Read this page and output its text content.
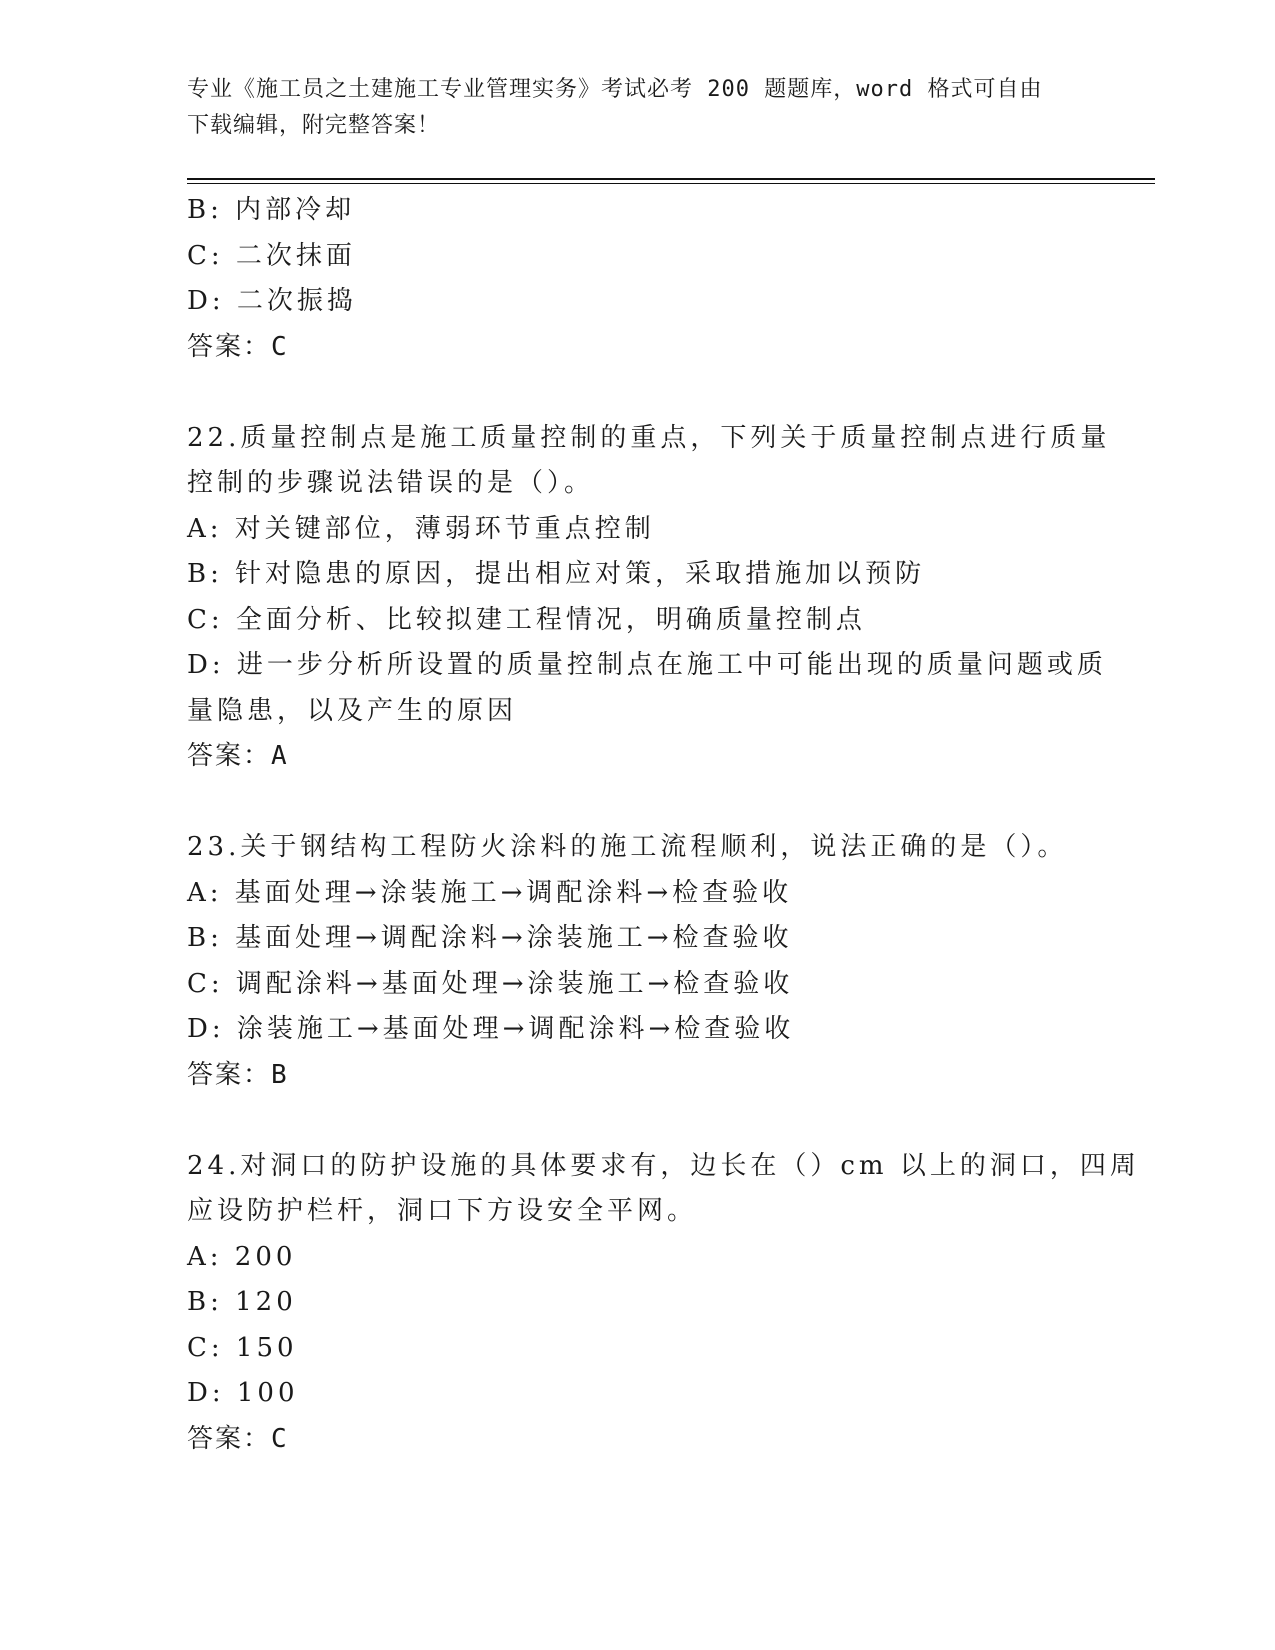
专业《施工员之土建施工专业管理实务》考试必考 200 题题库，word 格式可自由
下载编辑，附完整答案！
B: 内部冷却
C: 二次抹面
D: 二次振捣
答案：C
22.质量控制点是施工质量控制的重点，下列关于质量控制点进行质量
控制的步骤说法错误的是（）。
A: 对关键部位，薄弱环节重点控制
B: 针对隐患的原因，提出相应对策，采取措施加以预防
C: 全面分析、比较拟建工程情况，明确质量控制点
D: 进一步分析所设置的质量控制点在施工中可能出现的质量问题或质
量隐患，以及产生的原因
答案：A
23.关于钢结构工程防火涂料的施工流程顺利，说法正确的是（）。
A: 基面处理→涂装施工→调配涂料→检查验收
B: 基面处理→调配涂料→涂装施工→检查验收
C: 调配涂料→基面处理→涂装施工→检查验收
D: 涂装施工→基面处理→调配涂料→检查验收
答案：B
24.对洞口的防护设施的具体要求有，边长在（）cm 以上的洞口，四周
应设防护栏杆，洞口下方设安全平网。
A: 200
B: 120
C: 150
D: 100
答案：C
